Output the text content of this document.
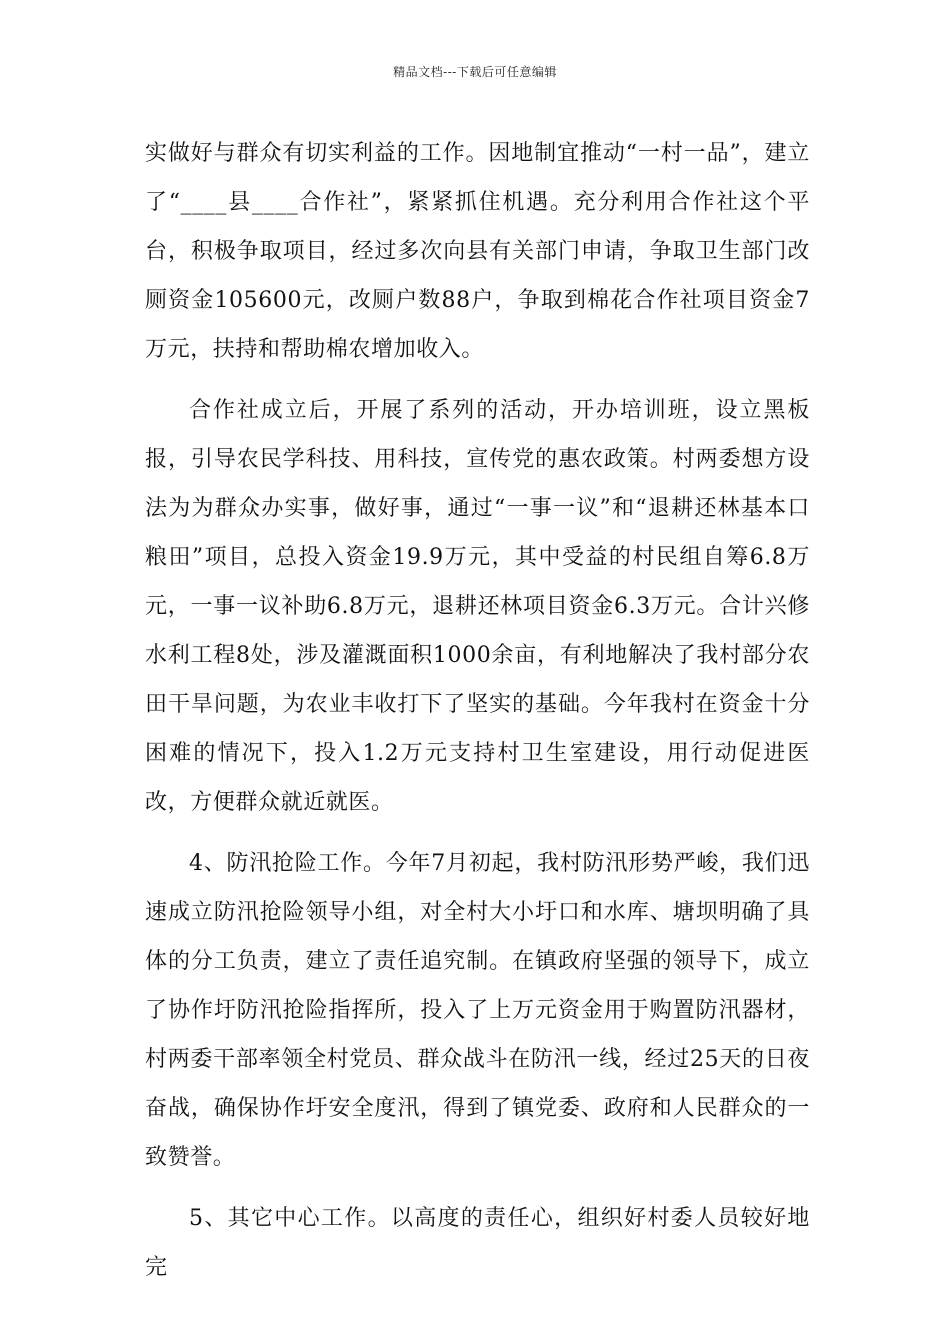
精品文档---下载后可任意编辑

实做好与群众有切实利益的工作。因地制宜推动“一村一品”，建立了“____县____合作社”，紧紧抓住机遇。充分利用合作社这个平台，积极争取项目，经过多次向县有关部门申请，争取卫生部门改厕资金105600元，改厕户数88户，争取到棉花合作社项目资金7万元，扶持和帮助棉农增加收入。

合作社成立后，开展了系列的活动，开办培训班，设立黑板报，引导农民学科技、用科技，宣传党的惠农政策。村两委想方设法为为群众办实事，做好事，通过“一事一议”和“退耕还林基本口粮田”项目，总投入资金19.9万元，其中受益的村民组自筹6.8万元，一事一议补助6.8万元，退耕还林项目资金6.3万元。合计兴修水利工程8处，涉及灌溉面积1000余亩，有利地解决了我村部分农田干旱问题，为农业丰收打下了坚实的基础。今年我村在资金十分困难的情况下，投入1.2万元支持村卫生室建设，用行动促进医改，方便群众就近就医。

4、防汛抢险工作。今年7月初起，我村防汛形势严峻，我们迅速成立防汛抢险领导小组，对全村大小圩口和水库、塘坝明确了具体的分工负责，建立了责任追究制。在镇政府坚强的领导下，成立了协作圩防汛抢险指挥所，投入了上万元资金用于购置防汛器材，村两委干部率领全村党员、群众战斗在防汛一线，经过25天的日夜奋战，确保协作圩安全度汛，得到了镇党委、政府和人民群众的一致赞誉。

5、其它中心工作。以高度的责任心，组织好村委人员较好地完
